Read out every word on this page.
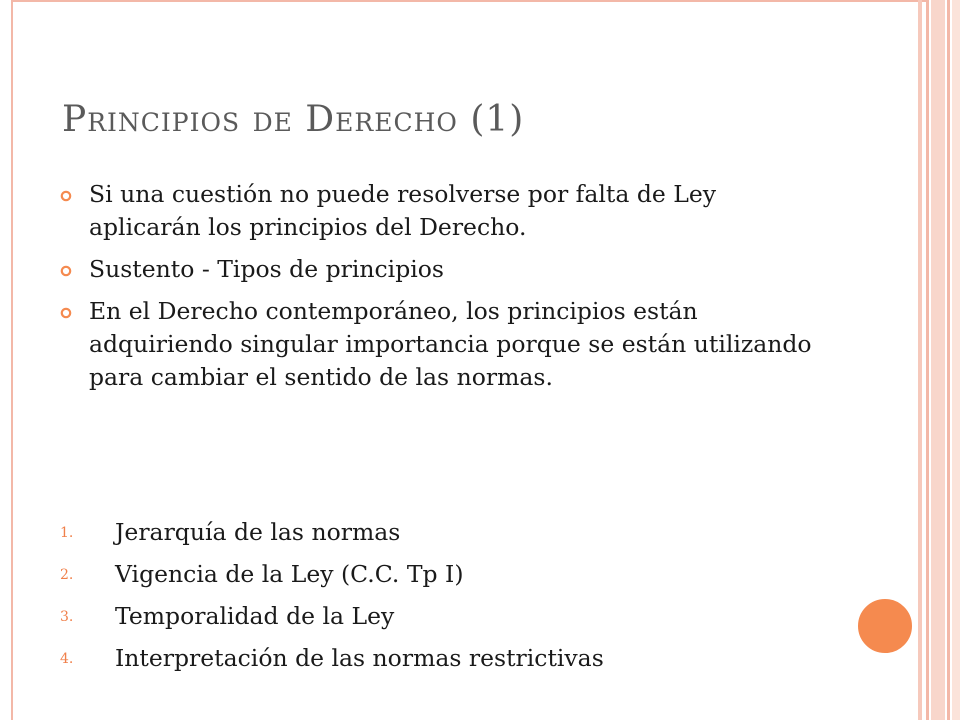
Principios de Derecho (1)
Si una cuestión no puede resolverse por falta de Ley aplicarán los principios del Derecho.
Sustento - Tipos de principios
En el Derecho contemporáneo, los principios están adquiriendo singular importancia porque se están utilizando para cambiar el sentido de las normas.
1. Jerarquía de las normas
2. Vigencia de la Ley (C.C. Tp I)
3. Temporalidad de la Ley
4. Interpretación de las normas restrictivas
